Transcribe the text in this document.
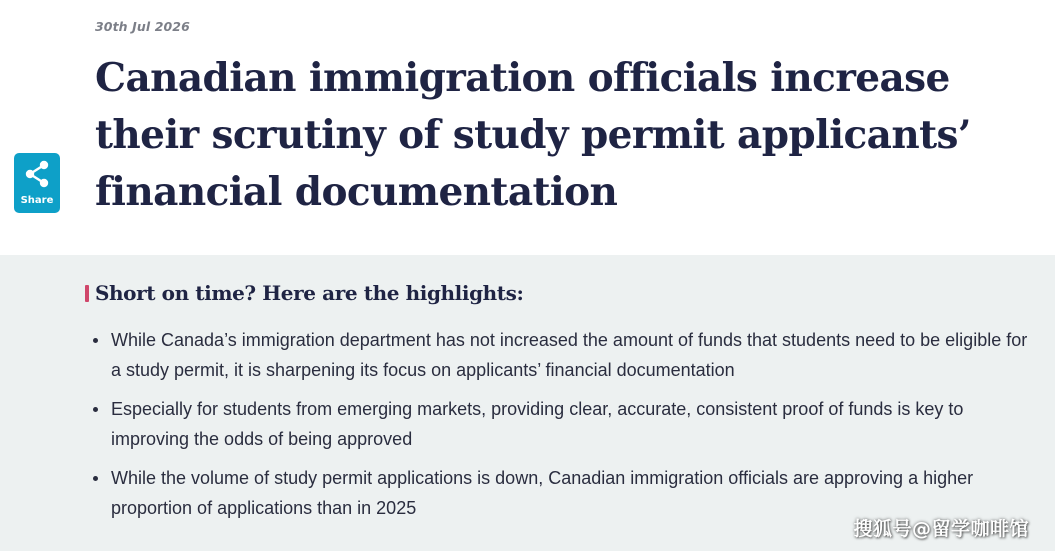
30th Jul 2026
Canadian immigration officials increase their scrutiny of study permit applicants’ financial documentation
Share
Short on time? Here are the highlights:
While Canada’s immigration department has not increased the amount of funds that students need to be eligible for a study permit, it is sharpening its focus on applicants’ financial documentation
Especially for students from emerging markets, providing clear, accurate, consistent proof of funds is key to improving the odds of being approved
While the volume of study permit applications is down, Canadian immigration officials are approving a higher proportion of applications than in 2025
搜狐号@留学咖啡馆
